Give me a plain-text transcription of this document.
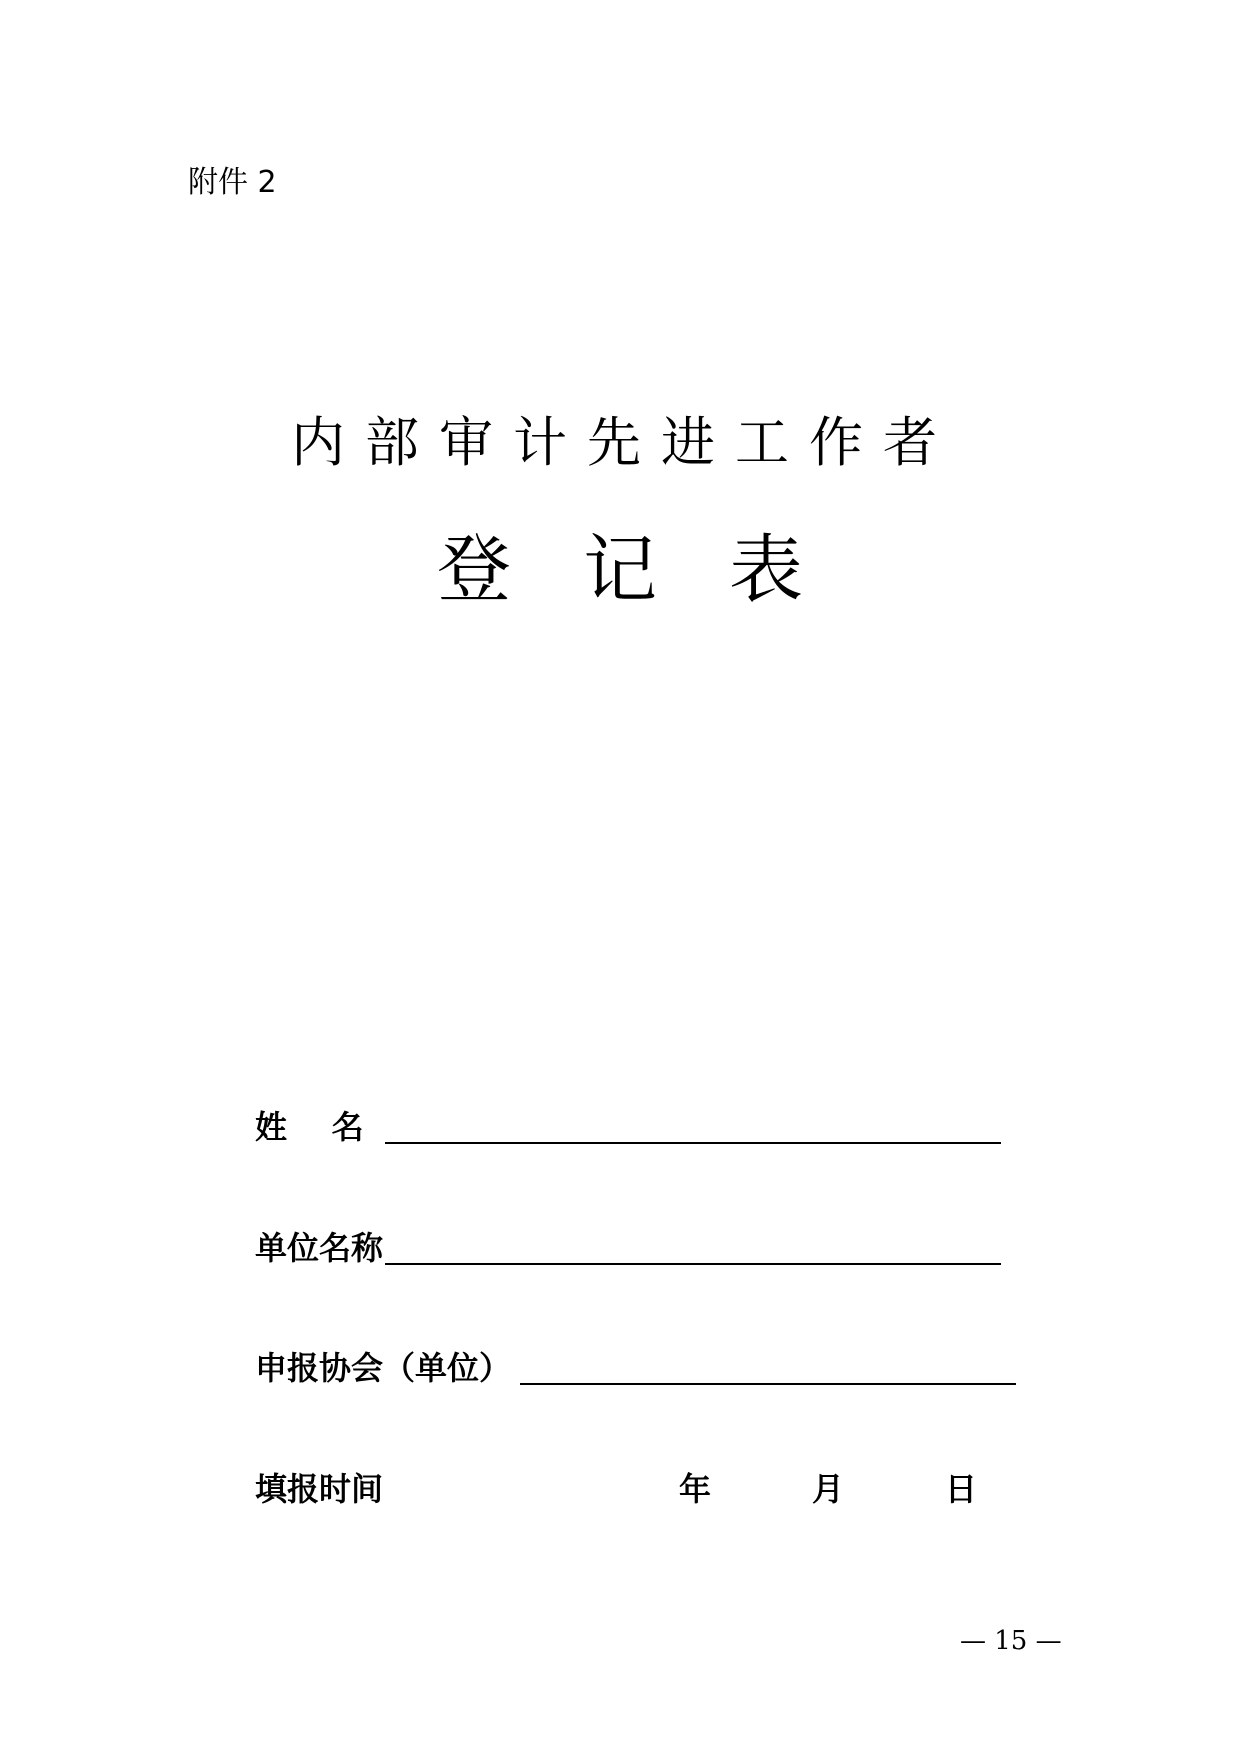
附件 2
内部审计先进工作者
登记表
姓    名
单位名称
申报协会（单位）
填报时间	年	月	日
— 15 —
